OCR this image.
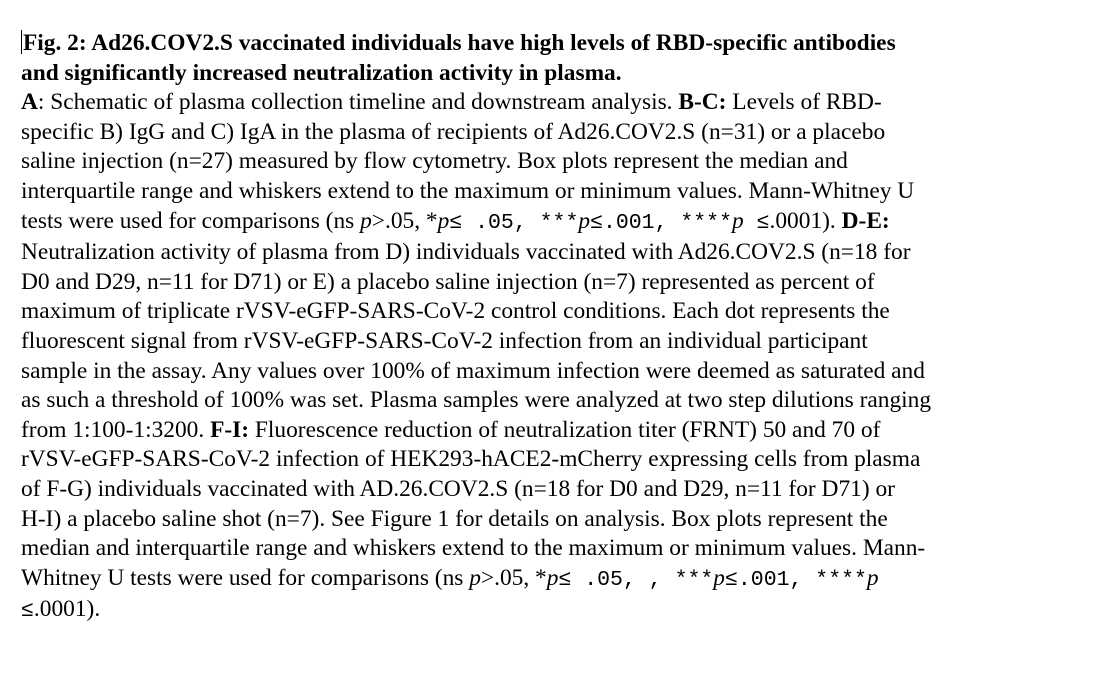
Fig. 2: Ad26.COV2.S vaccinated individuals have high levels of RBD-specific antibodies
and significantly increased neutralization activity in plasma.
A: Schematic of plasma collection timeline and downstream analysis. B-C: Levels of RBD-
specific B) IgG and C) IgA in the plasma of recipients of Ad26.COV2.S (n=31) or a placebo
saline injection (n=27) measured by flow cytometry. Box plots represent the median and
interquartile range and whiskers extend to the maximum or minimum values. Mann-Whitney U
tests were used for comparisons (ns p>.05, *p≤ .05, ***p≤.001, ****p ≤.0001). D-E:
Neutralization activity of plasma from D) individuals vaccinated with Ad26.COV2.S (n=18 for
D0 and D29, n=11 for D71) or E) a placebo saline injection (n=7) represented as percent of
maximum of triplicate rVSV-eGFP-SARS-CoV-2 control conditions. Each dot represents the
fluorescent signal from rVSV-eGFP-SARS-CoV-2 infection from an individual participant
sample in the assay. Any values over 100% of maximum infection were deemed as saturated and
as such a threshold of 100% was set. Plasma samples were analyzed at two step dilutions ranging
from 1:100-1:3200. F-I: Fluorescence reduction of neutralization titer (FRNT) 50 and 70 of
rVSV-eGFP-SARS-CoV-2 infection of HEK293-hACE2-mCherry expressing cells from plasma
of F-G) individuals vaccinated with AD.26.COV2.S (n=18 for D0 and D29, n=11 for D71) or
H-I) a placebo saline shot (n=7). See Figure 1 for details on analysis. Box plots represent the
median and interquartile range and whiskers extend to the maximum or minimum values. Mann-
Whitney U tests were used for comparisons (ns p>.05, *p≤ .05, , ***p≤.001, ****p
≤.0001).
